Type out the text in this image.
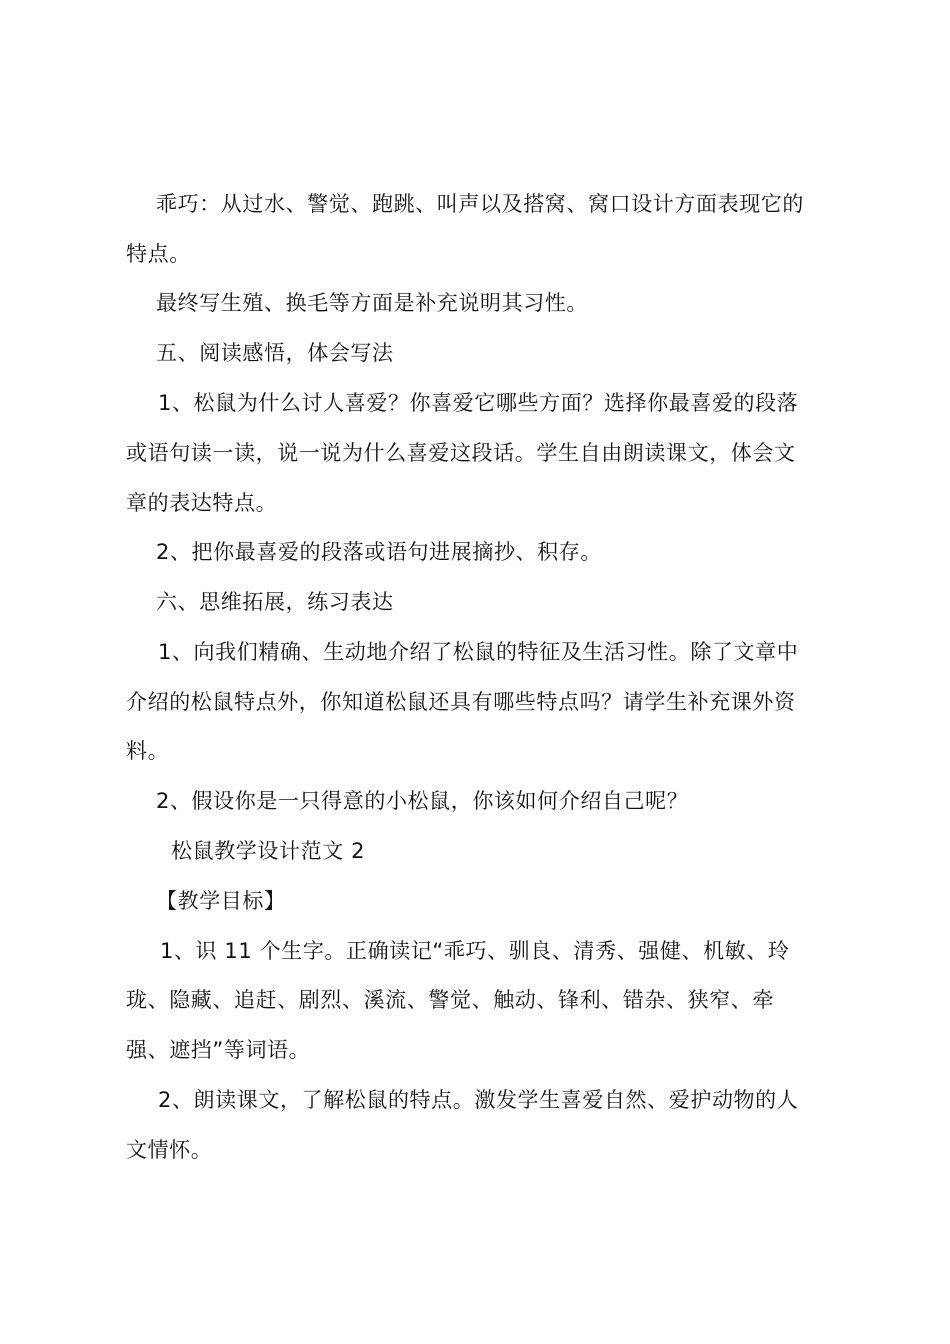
乖巧：从过水、警觉、跑跳、叫声以及搭窝、窝口设计方面表现它的
特点。
最终写生殖、换毛等方面是补充说明其习性。
五、阅读感悟，体会写法
1、松鼠为什么讨人喜爱？你喜爱它哪些方面？选择你最喜爱的段落
或语句读一读，说一说为什么喜爱这段话。学生自由朗读课文，体会文
章的表达特点。
2、把你最喜爱的段落或语句进展摘抄、积存。
六、思维拓展，练习表达
1、向我们精确、生动地介绍了松鼠的特征及生活习性。除了文章中
介绍的松鼠特点外，你知道松鼠还具有哪些特点吗？请学生补充课外资
料。
2、假设你是一只得意的小松鼠，你该如何介绍自己呢？
松鼠教学设计范文 2
【教学目标】
1、识 11 个生字。正确读记“乖巧、驯良、清秀、强健、机敏、玲
珑、隐藏、追赶、剧烈、溪流、警觉、触动、锋利、错杂、狭窄、牵
强、遮挡”等词语。
2、朗读课文，了解松鼠的特点。激发学生喜爱自然、爱护动物的人
文情怀。
